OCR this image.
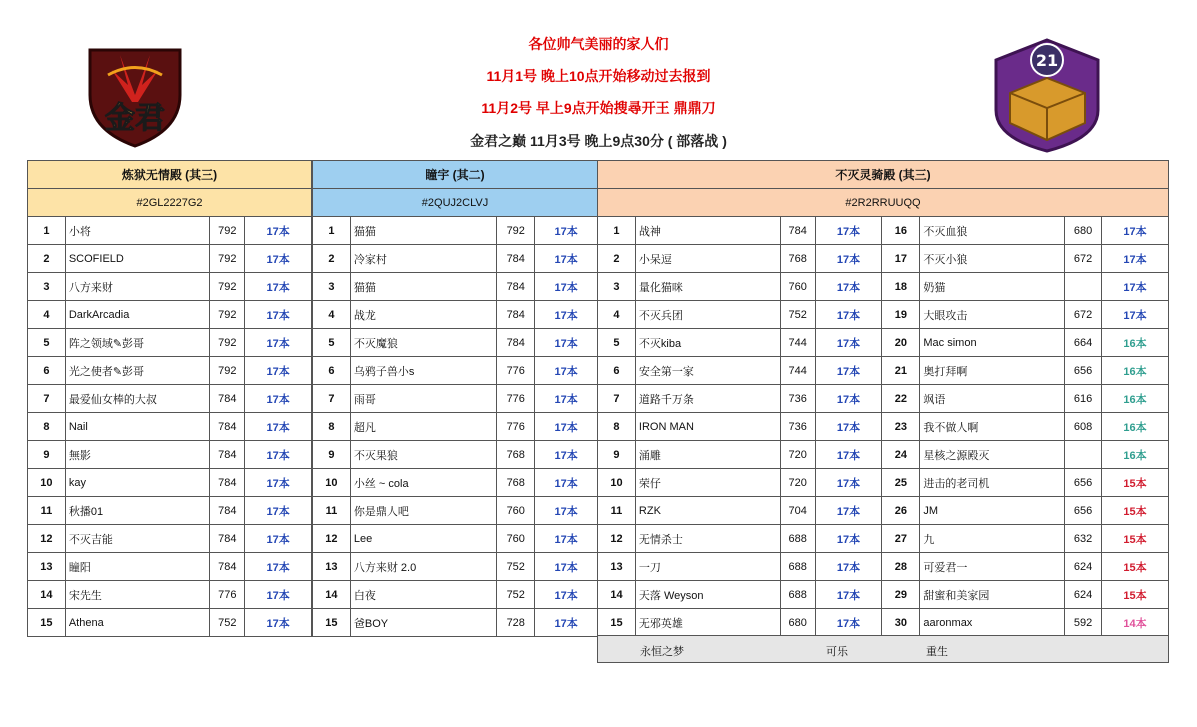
各位帅气美丽的家人们
11月1号 晚上10点开始移动过去报到
11月2号 早上9点开始搜尋开王 鼎鼎刀
金君之巅 11月3号 晚上9点30分 ( 部落战 )
金君
21
炼狱无情殿 (其三)			
#2GL2227G2			
1	小将	792	17本
2	SCOFIELD	792	17本
3	八方来财	792	17本
4	DarkArcadia	792	17本
5	阵之领域✎彭哥	792	17本
6	光之使者✎彭哥	792	17本
7	最爱仙女棒的大叔	784	17本
8	Nail	784	17本
9	無影	784	17本
10	kay	784	17本
11	秋播01	784	17本
12	不灭吉能	784	17本
13	瞳阳	784	17本
14	宋先生	776	17本
15	Athena	752	17本
瞳宇 (其二)			
#2QUJ2CLVJ			
1	猫猫	792	17本
2	冷家村	784	17本
3	猫猫	784	17本
4	战龙	784	17本
5	不灭魔狼	784	17本
6	乌鸦子兽小s	776	17本
7	雨哥	776	17本
8	超凡	776	17本
9	不灭果狼	768	17本
10	小丝 ~ cola	768	17本
11	你是鼎人吧	760	17本
12	Lee	760	17本
13	八方来财 2.0	752	17本
14	白夜	752	17本
15	爸BOY	728	17本
不灭灵骑殿 (其三)							
#2R2RRUUQQ							
1	战神	784	17本	16	不灭血狼	680	17本
2	小呆逗	768	17本	17	不灭小狼	672	17本
3	量化猫咪	760	17本	18	奶猫		17本
4	不灭兵团	752	17本	19	大眼攻击	672	17本
5	不灭kiba	744	17本	20	Mac simon	664	16本
6	安全第一家	744	17本	21	奥打拜啊	656	16本
7	道路千万条	736	17本	22	飒语	616	16本
8	IRON MAN	736	17本	23	我不做人啊	608	16本
9	涌雕	720	17本	24	星核之源殿灭		16本
10	荣仔	720	17本	25	进击的老司机	656	15本
11	RZK	704	17本	26	JM	656	15本
12	无情杀士	688	17本	27	九	632	15本
13	一刀	688	17本	28	可爱君一	624	15本
14	天落 Weyson	688	17本	29	甜蜜和美家园	624	15本
15	无邪英雄	680	17本	30	aaronmax	592	14本
永恒之梦	可乐	重生
